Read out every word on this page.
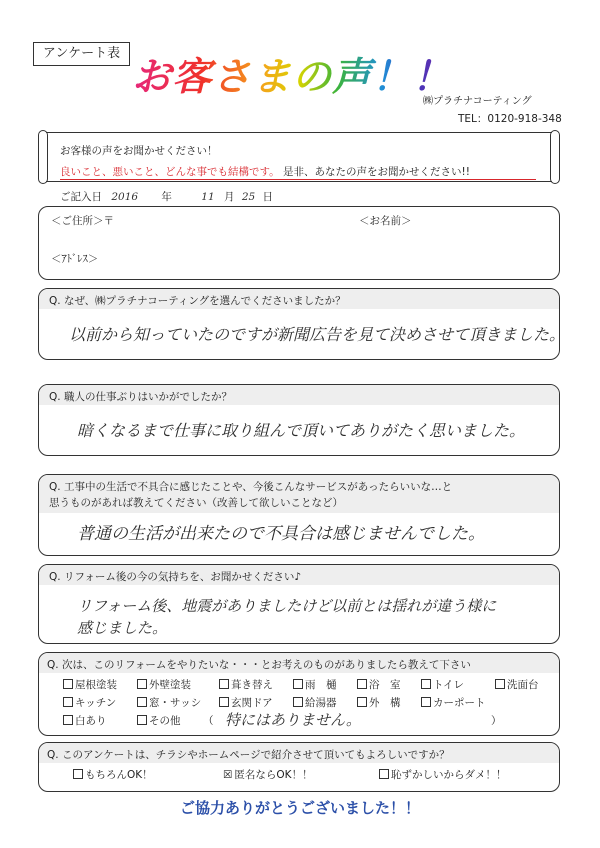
アンケート表
お客さまの声！！
㈱プラチナコーティング
TEL：0120-918-348
お客様の声をお聞かせください！
良いこと、悪いこと、どんな事でも結構です。 是非、あなたの声をお聞かせください!!
ご記入日 2016 年	11 月 25 日
＜ご住所＞〒	＜お名前＞
＜ｱﾄﾞﾚｽ＞
Q. なぜ、㈱プラチナコーティングを選んでくださいましたか？
以前から知っていたのですが新聞広告を見て決めさせて頂きました。
Q. 職人の仕事ぶりはいかがでしたか？
暗くなるまで仕事に取り組んで頂いてありがたく思いました。
Q. 工事中の生活で不具合に感じたことや、今後こんなサービスがあったらいいな…と
思うものがあれば教えてください（改善して欲しいことなど）
普通の生活が出来たので不具合は感じませんでした。
Q. リフォーム後の今の気持ちを、お聞かせください♪
リフォーム後、地震がありましたけど以前とは揺れが違う様に
感じました。
Q. 次は、このリフォームをやりたいな・・・とお考えのものがありましたら教えて下さい
屋根塗装	外壁塗装	葺き替え	雨　樋	浴　室	トイレ	洗面台
キッチン	窓・サッシ	玄関ドア	給湯器	外　構	カーポート
白あり	その他 （ 特にはありません。	）
Q. このアンケートは、チラシやホームページで紹介させて頂いてもよろしいですか？
もちろんOK！	☒ 匿名ならOK！！	恥ずかしいからダメ！！
ご協力ありがとうございました！！
